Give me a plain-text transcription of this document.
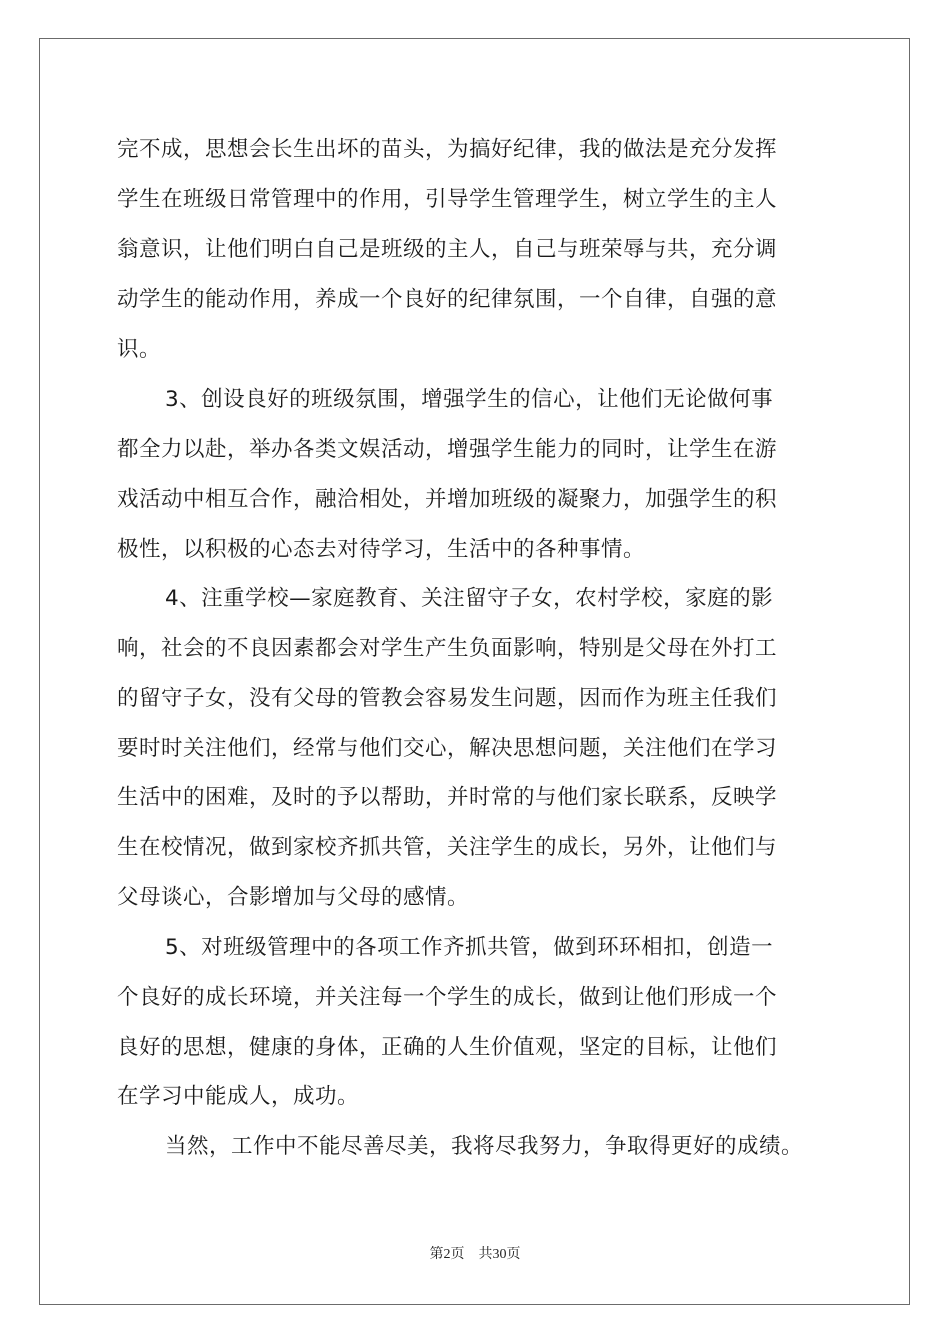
完不成，思想会长生出坏的苗头，为搞好纪律，我的做法是充分发挥

学生在班级日常管理中的作用，引导学生管理学生，树立学生的主人

翁意识，让他们明白自己是班级的主人，自己与班荣辱与共，充分调

动学生的能动作用，养成一个良好的纪律氛围，一个自律，自强的意

识。

3、创设良好的班级氛围，增强学生的信心，让他们无论做何事

都全力以赴，举办各类文娱活动，增强学生能力的同时，让学生在游

戏活动中相互合作，融洽相处，并增加班级的凝聚力，加强学生的积

极性，以积极的心态去对待学习，生活中的各种事情。

4、注重学校—家庭教育、关注留守子女，农村学校，家庭的影

响，社会的不良因素都会对学生产生负面影响，特别是父母在外打工

的留守子女，没有父母的管教会容易发生问题，因而作为班主任我们

要时时关注他们，经常与他们交心，解决思想问题，关注他们在学习

生活中的困难，及时的予以帮助，并时常的与他们家长联系，反映学

生在校情况，做到家校齐抓共管，关注学生的成长，另外，让他们与

父母谈心，合影增加与父母的感情。

5、对班级管理中的各项工作齐抓共管，做到环环相扣，创造一

个良好的成长环境，并关注每一个学生的成长，做到让他们形成一个

良好的思想，健康的身体，正确的人生价值观，坚定的目标，让他们

在学习中能成人，成功。

当然，工作中不能尽善尽美，我将尽我努力，争取得更好的成绩。

第2页　共30页
